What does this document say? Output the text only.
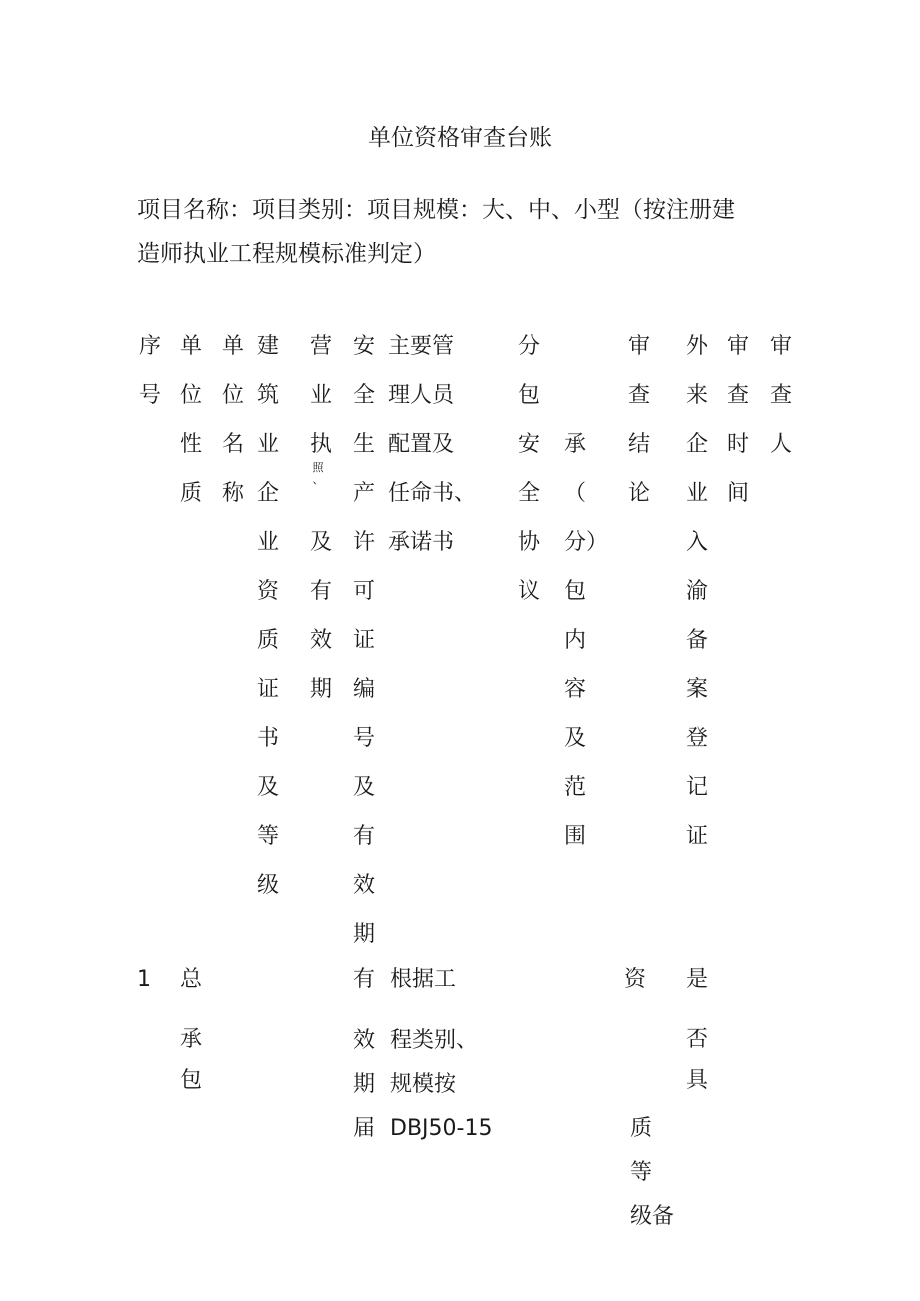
单位资格审查台账
项目名称：项目类别：项目规模：大、中、小型（按注册建
造师执业工程规模标准判定）
序
号
单
位
性
质
单
位
名
称
建
筑
业
企
业
资
质
证
书
及
等
级
营
业
执
照
、
及
有
效
期
安
全
生
产
许
可
证
编
号
及
有
效
期
主要管
理人员
配置及
任命书、
承诺书
分
包
安
全
协
议

承
（
分）
包
内
容
及
范
围

审
查
结
论
外
来
企
业
入
渝
备
案
登
记
证
审
查
时
间
审
查
人
1 总
承
包
有
效
期
届
根据工
程类别、
规模按
DBJ50-15
资

质
等
级备

是
否
具
